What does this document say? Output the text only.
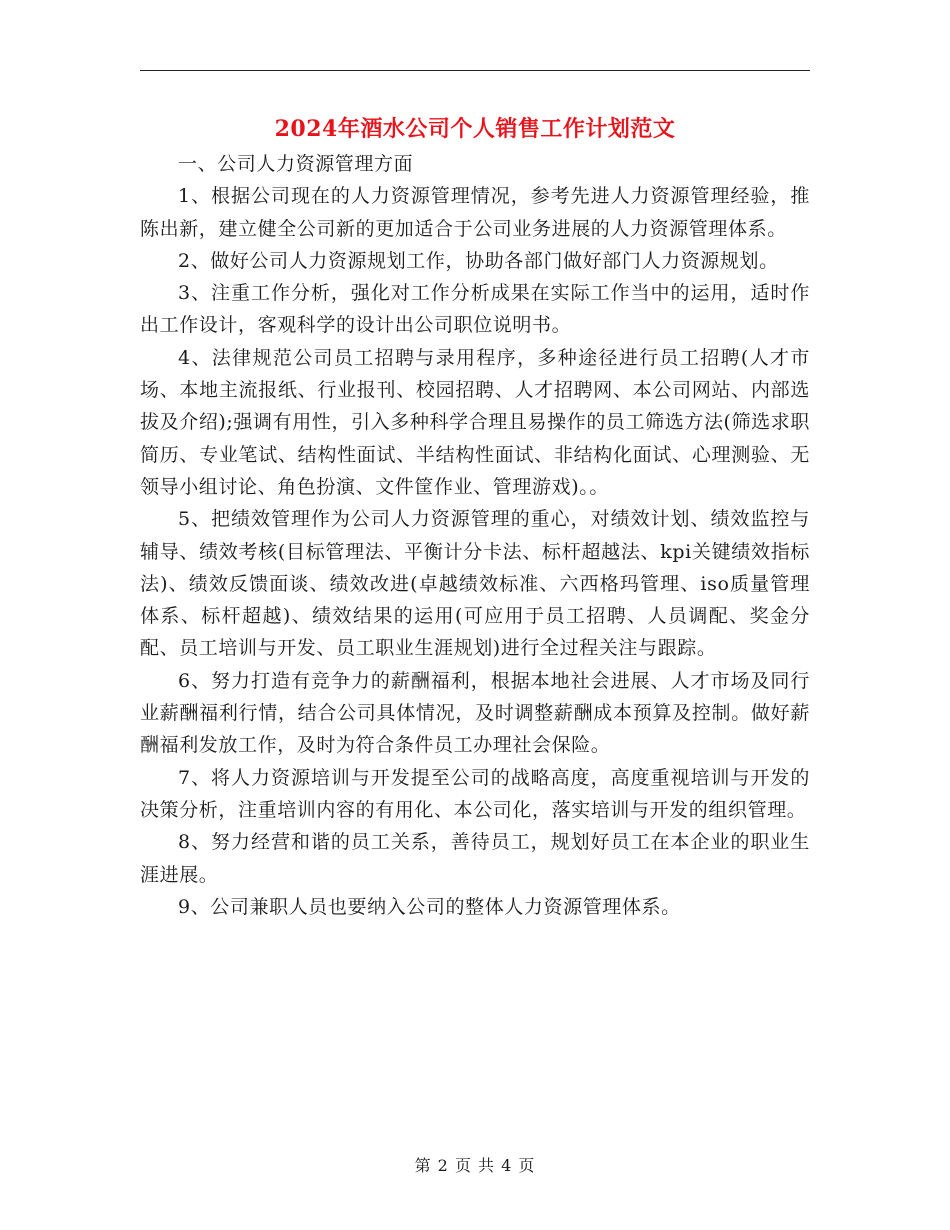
2024年酒水公司个人销售工作计划范文

一、公司人力资源管理方面

1、根据公司现在的人力资源管理情况，参考先进人力资源管理经验，推陈出新，建立健全公司新的更加适合于公司业务进展的人力资源管理体系。

2、做好公司人力资源规划工作，协助各部门做好部门人力资源规划。

3、注重工作分析，强化对工作分析成果在实际工作当中的运用，适时作出工作设计，客观科学的设计出公司职位说明书。

4、法律规范公司员工招聘与录用程序，多种途径进行员工招聘(人才市场、本地主流报纸、行业报刊、校园招聘、人才招聘网、本公司网站、内部选拔及介绍);强调有用性，引入多种科学合理且易操作的员工筛选方法(筛选求职简历、专业笔试、结构性面试、半结构性面试、非结构化面试、心理测验、无领导小组讨论、角色扮演、文件筐作业、管理游戏)。。

5、把绩效管理作为公司人力资源管理的重心，对绩效计划、绩效监控与辅导、绩效考核(目标管理法、平衡计分卡法、标杆超越法、kpi关键绩效指标法)、绩效反馈面谈、绩效改进(卓越绩效标准、六西格玛管理、iso质量管理体系、标杆超越)、绩效结果的运用(可应用于员工招聘、人员调配、奖金分配、员工培训与开发、员工职业生涯规划)进行全过程关注与跟踪。

6、努力打造有竞争力的薪酬福利，根据本地社会进展、人才市场及同行业薪酬福利行情，结合公司具体情况，及时调整薪酬成本预算及控制。做好薪酬福利发放工作，及时为符合条件员工办理社会保险。

7、将人力资源培训与开发提至公司的战略高度，高度重视培训与开发的决策分析，注重培训内容的有用化、本公司化，落实培训与开发的组织管理。

8、努力经营和谐的员工关系，善待员工，规划好员工在本企业的职业生涯进展。

9、公司兼职人员也要纳入公司的整体人力资源管理体系。

第 2 页 共 4 页
